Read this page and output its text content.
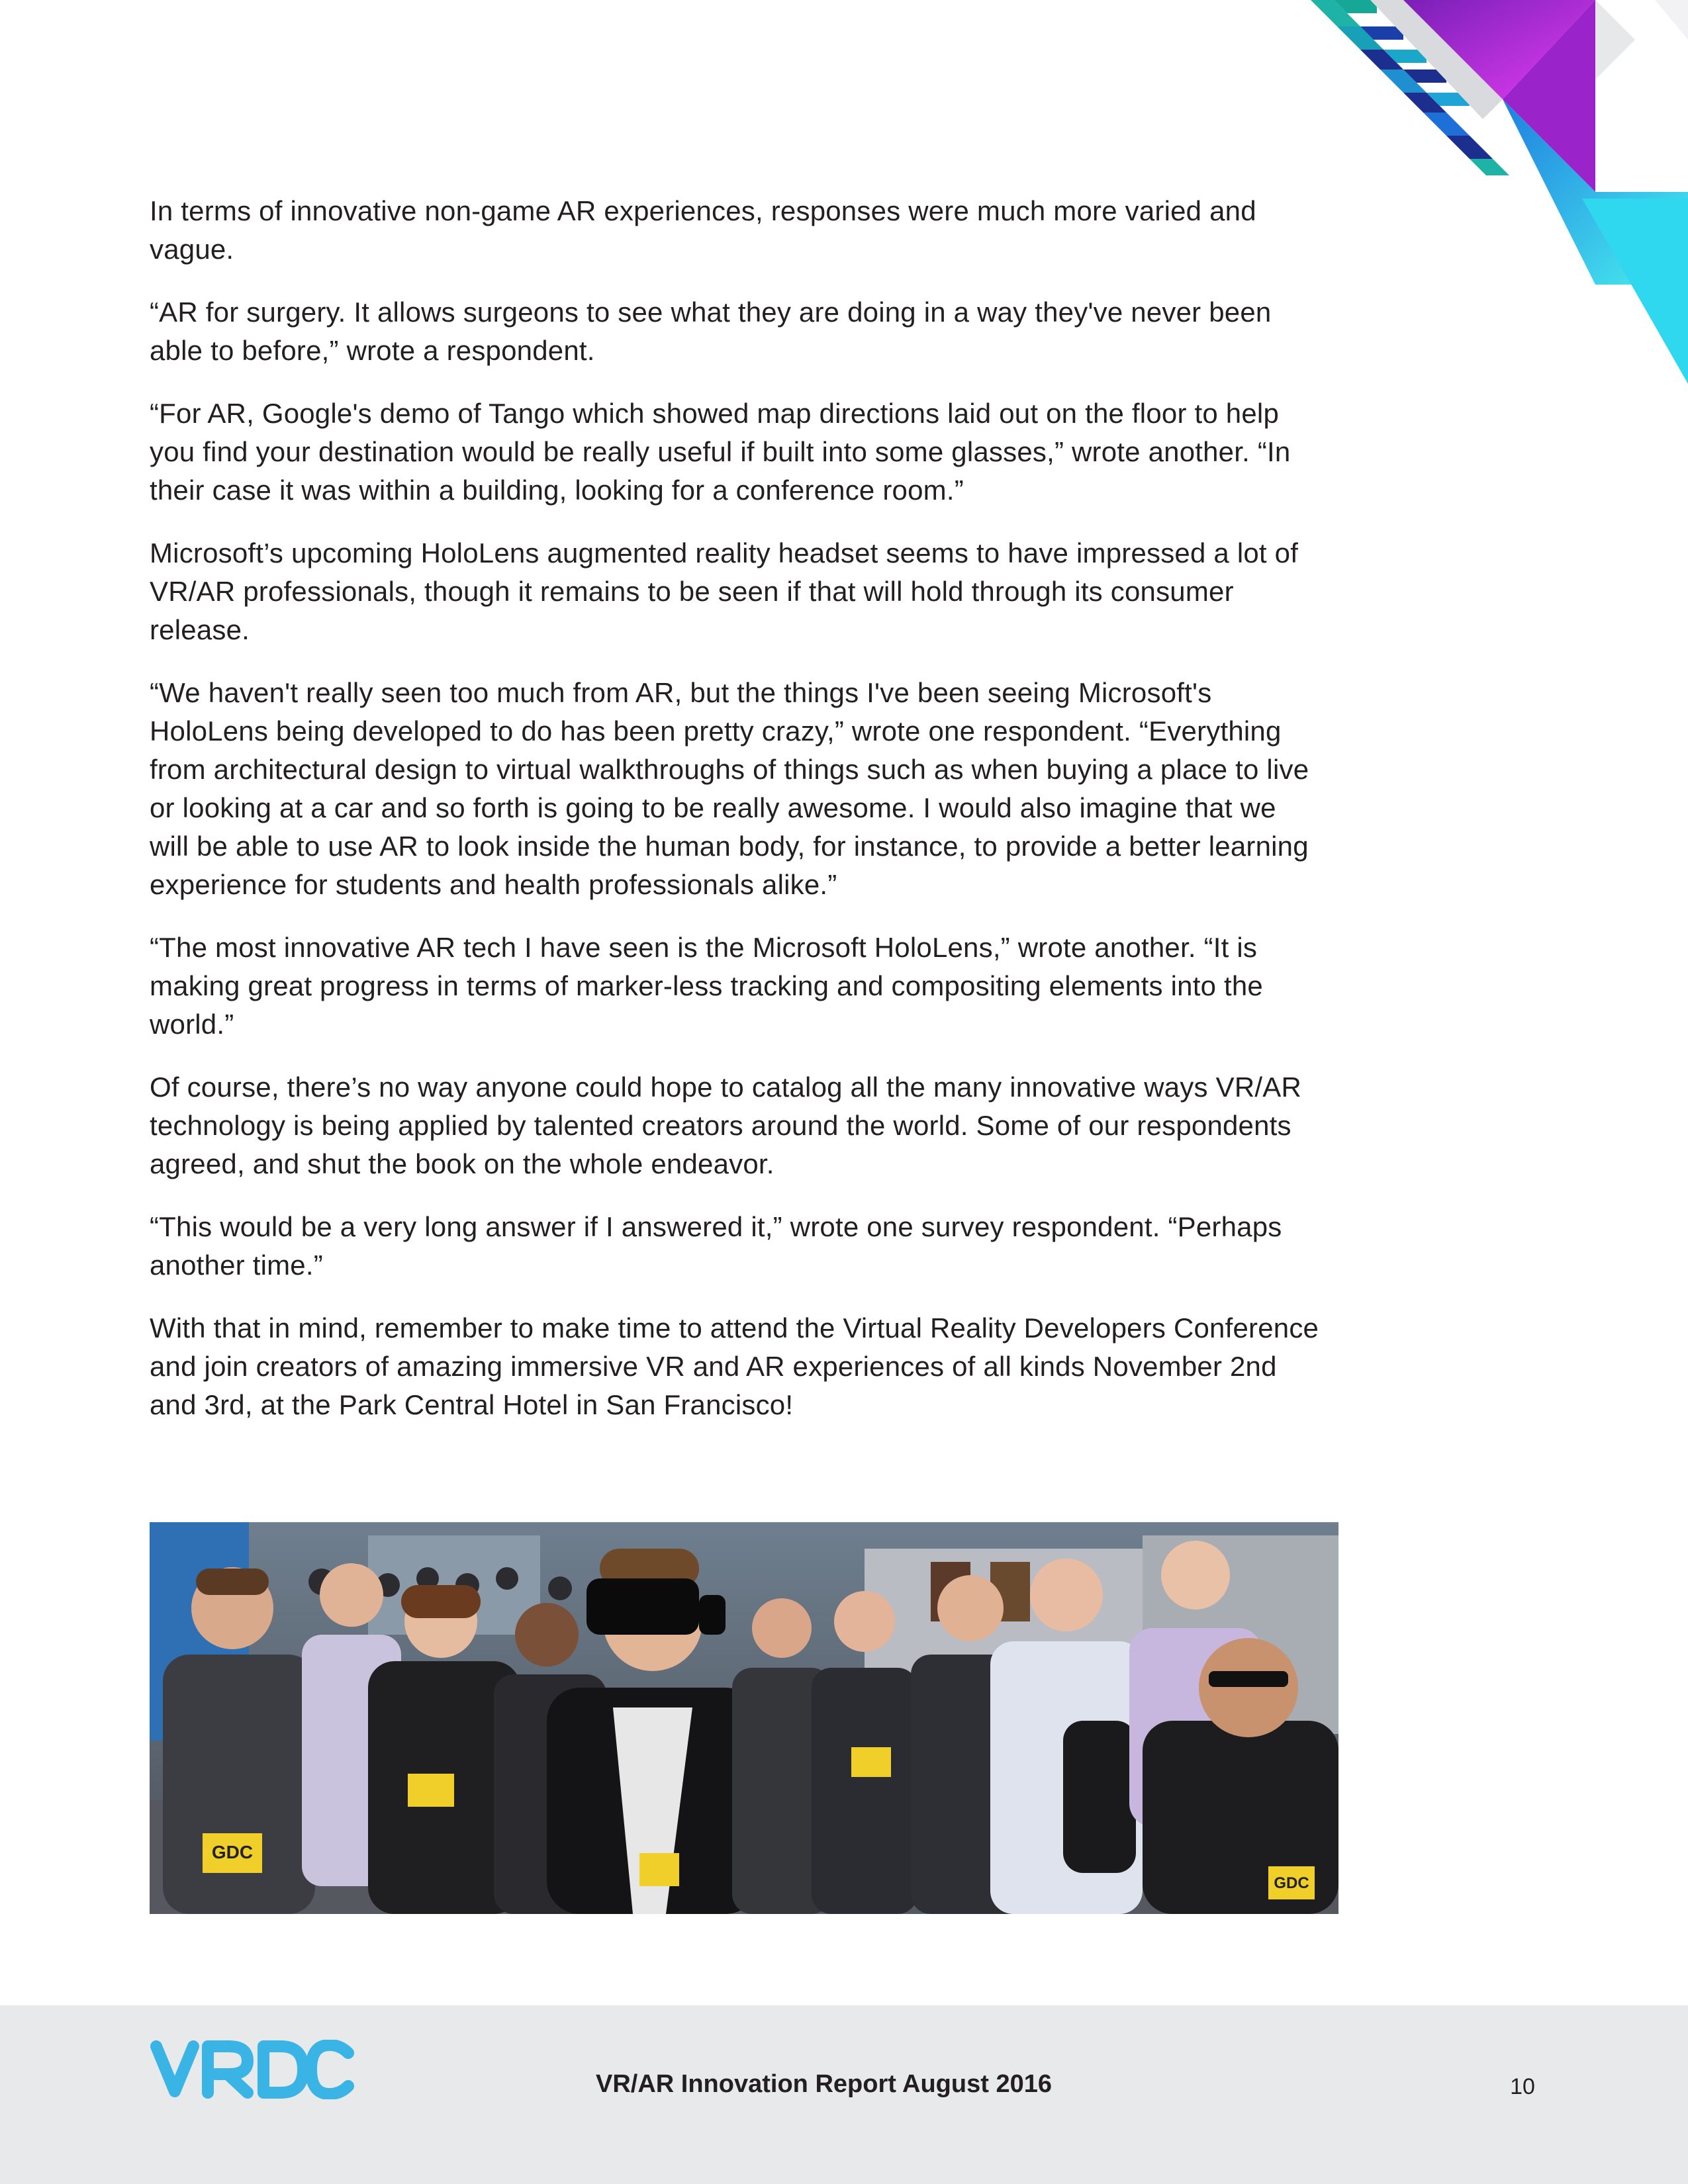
In terms of innovative non-game AR experiences, responses were much more varied and vague.

“AR for surgery. It allows surgeons to see what they are doing in a way they've never been able to before,” wrote a respondent.

“For AR, Google's demo of Tango which showed map directions laid out on the floor to help you find your destination would be really useful if built into some glasses,” wrote another. “In their case it was within a building, looking for a conference room.”

Microsoft’s upcoming HoloLens augmented reality headset seems to have impressed a lot of VR/AR professionals, though it remains to be seen if that will hold through its consumer release.

“We haven't really seen too much from AR, but the things I've been seeing Microsoft's HoloLens being developed to do has been pretty crazy,” wrote one respondent. “Everything from architectural design to virtual walkthroughs of things such as when buying a place to live or looking at a car and so forth is going to be really awesome. I would also imagine that we will be able to use AR to look inside the human body, for instance, to provide a better learning experience for students and health professionals alike.”

“The most innovative AR tech I have seen is the Microsoft HoloLens,” wrote another. “It is making great progress in terms of marker-less tracking and compositing elements into the world.”

Of course, there’s no way anyone could hope to catalog all the many innovative ways VR/AR technology is being applied by talented creators around the world. Some of our respondents agreed, and shut the book on the whole endeavor.

“This would be a very long answer if I answered it,” wrote one survey respondent. “Perhaps another time.”

With that in mind, remember to make time to attend the Virtual Reality Developers Conference and join creators of amazing immersive VR and AR experiences of all kinds November 2nd and 3rd, at the Park Central Hotel in San Francisco!

GDC
GDC
VR/AR Innovation Report August 2016	10
